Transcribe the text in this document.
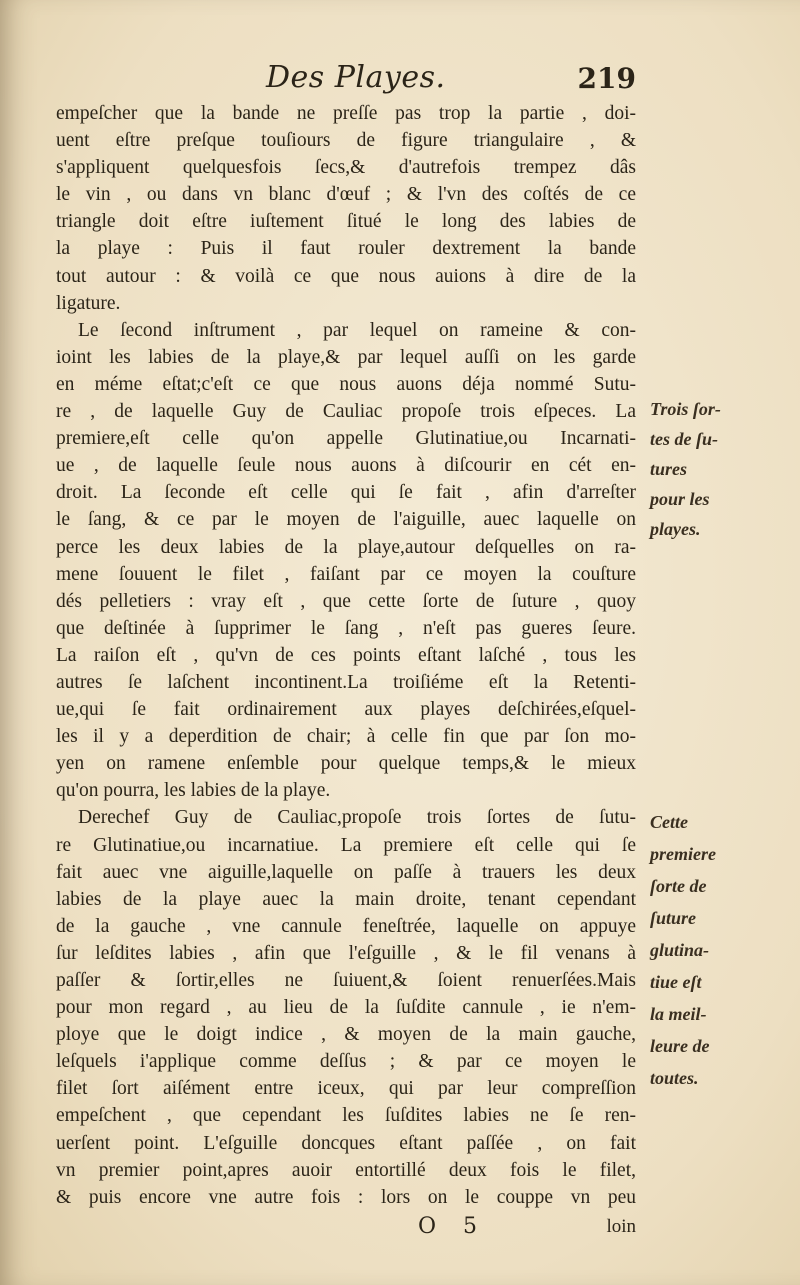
Des Playes.	219
empeſcher que la bande ne preſſe pas trop la partie , doi-
uent eſtre preſque touſiours de figure triangulaire , &
s'appliquent quelquesfois ſecs,& d'autrefois trempez dâs
le vin , ou dans vn blanc d'œuf ; & l'vn des coſtés de ce
triangle doit eſtre iuſtement ſitué le long des labies de
la playe : Puis il faut rouler dextrement la bande
tout autour : & voilà ce que nous auions à dire de la
ligature.
Le ſecond inſtrument , par lequel on rameine & con-
ioint les labies de la playe,& par lequel auſſi on les garde
en méme eſtat;c'eſt ce que nous auons déja nommé Sutu-
re , de laquelle Guy de Cauliac propoſe trois eſpeces. La
premiere,eſt celle qu'on appelle Glutinatiue,ou Incarnati-
ue , de laquelle ſeule nous auons à diſcourir en cét en-
droit. La ſeconde eſt celle qui ſe fait , afin d'arreſter
le ſang, & ce par le moyen de l'aiguille, auec laquelle on
perce les deux labies de la playe,autour deſquelles on ra-
mene ſouuent le filet , faiſant par ce moyen la couſture
dés pelletiers : vray eſt , que cette ſorte de ſuture , quoy
que deſtinée à ſupprimer le ſang , n'eſt pas gueres ſeure.
La raiſon eſt , qu'vn de ces points eſtant laſché , tous les
autres ſe laſchent incontinent.La troiſiéme eſt la Retenti-
ue,qui ſe fait ordinairement aux playes deſchirées,eſquel-
les il y a deperdition de chair; à celle fin que par ſon mo-
yen on ramene enſemble pour quelque temps,& le mieux
qu'on pourra, les labies de la playe.
Derechef Guy de Cauliac,propoſe trois ſortes de ſutu-
re Glutinatiue,ou incarnatiue. La premiere eſt celle qui ſe
fait auec vne aiguille,laquelle on paſſe à trauers les deux
labies de la playe auec la main droite, tenant cependant
de la gauche , vne cannule feneſtrée, laquelle on appuye
ſur leſdites labies , afin que l'eſguille , & le fil venans à
paſſer & ſortir,elles ne ſuiuent,& ſoient renuerſées.Mais
pour mon regard , au lieu de la ſuſdite cannule , ie n'em-
ployе que le doigt indice , & moyen de la main gauche,
leſquels i'applique comme deſſus ; & par ce moyen le
filet ſort aiſément entre iceux, qui par leur compreſſion
empeſchent , que cependant les ſuſdites labies ne ſe ren-
uerſent point. L'eſguille doncques eſtant paſſée , on fait
vn premier point,apres auoir entortillé deux fois le filet,
& puis encore vne autre fois : lors on le couppe vn peu
Trois ſor-
tes de ſu-
tures
pour les
playes.
Cette
premiere
ſorte de
ſuture
glutina-
tiue eſt
la meil-
leure de
toutes.
O 5	loin
